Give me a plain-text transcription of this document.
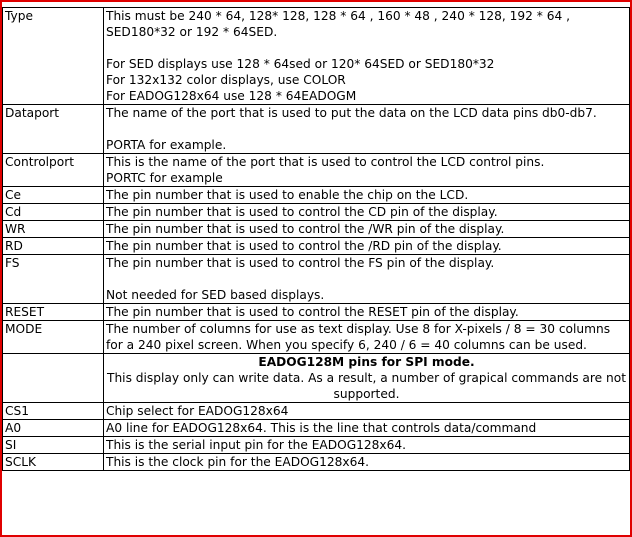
Type	This must be 240 * 64, 128* 128, 128 * 64 , 160 * 48 , 240 * 128, 192 * 64 , SED180*32 or 192 * 64SED.
For SED displays use 128 * 64sed or 120* 64SED or SED180*32
For 132x132 color displays, use COLOR
For EADOG128x64 use 128 * 64EADOGM

Dataport	The name of the port that is used to put the data on the LCD data pins db0-db7.
PORTA for example.

Controlport	This is the name of the port that is used to control the LCD control pins.
PORTC for example

Ce	The pin number that is used to enable the chip on the LCD.
Cd	The pin number that is used to control the CD pin of the display.
WR	The pin number that is used to control the /WR pin of the display.
RD	The pin number that is used to control the /RD pin of the display.
FS	The pin number that is used to control the FS pin of the display.
Not needed for SED based displays.

RESET	The pin number that is used to control the RESET pin of the display.
MODE	The number of columns for use as text display. Use 8 for X-pixels / 8 = 30 columns for a 240 pixel screen. When you specify 6, 240 / 6 = 40 columns can be used.

	EADOG128M pins for SPI mode.
This display only can write data. As a result, a number of grapical commands are not supported.

CS1	Chip select for EADOG128x64
A0	A0 line for EADOG128x64. This is the line that controls data/command
SI	This is the serial input pin for the EADOG128x64.
SCLK	This is the clock pin for the EADOG128x64.
